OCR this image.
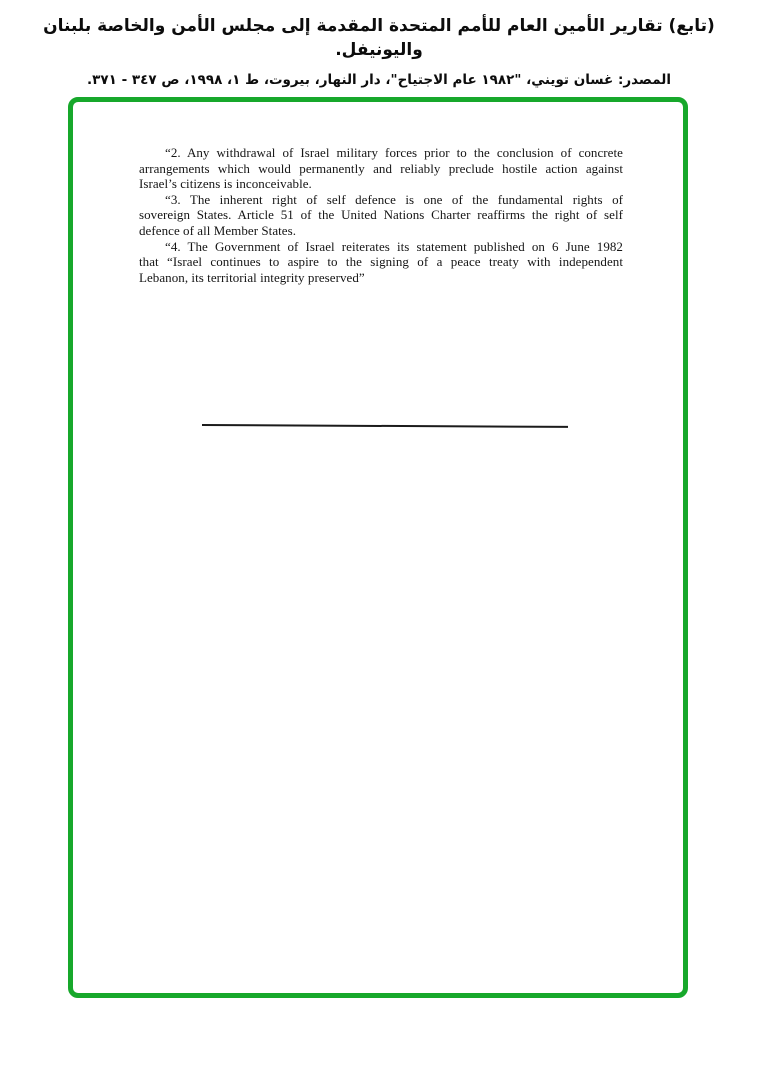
(تابع) تقارير الأمين العام للأمم المتحدة المقدمة إلى مجلس الأمن والخاصة بلبنان واليونيفل.
المصدر: غسان تويني، "١٩٨٢ عام الاجتياح"، دار النهار، بيروت، ط ١، ١٩٩٨، ص ٣٤٧ - ٣٧١.
“2. Any withdrawal of Israel military forces prior to the conclusion of concrete
arrangements which would permanently and reliably preclude hostile action against
Israel’s citizens is inconceivable.
“3. The inherent right of self defence is one of the fundamental rights of
sovereign States. Article 51 of the United Nations Charter reaffirms the right of self
defence of all Member States.
“4. The Government of Israel reiterates its statement published on 6 June 1982
that “Israel continues to aspire to the signing of a peace treaty with independent
Lebanon, its territorial integrity preserved”
